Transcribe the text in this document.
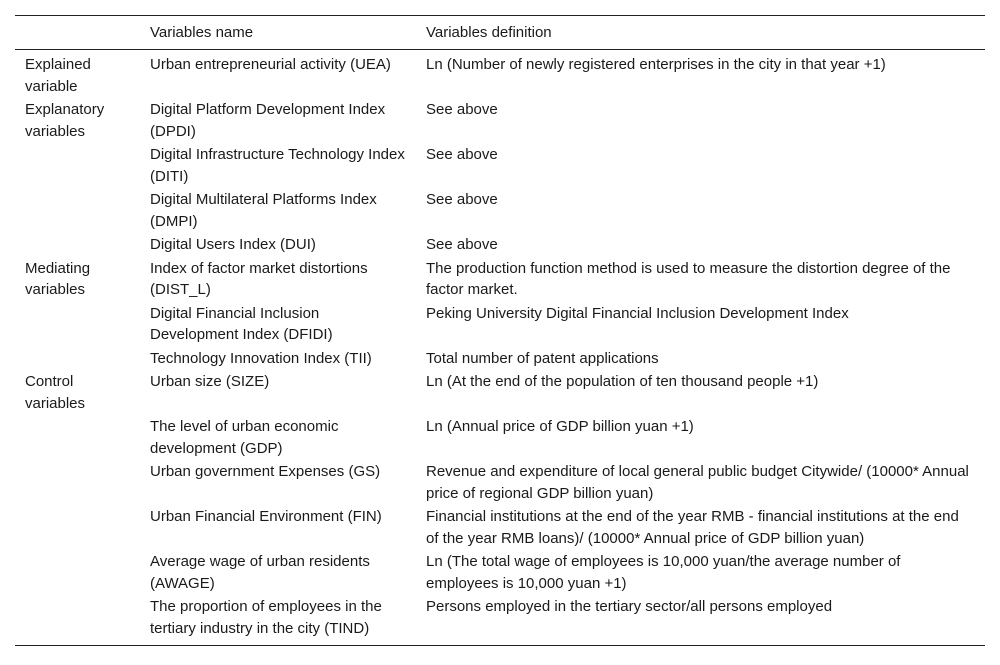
	Variables name	Variables definition
Explained variable	Urban entrepreneurial activity (UEA)	Ln (Number of newly registered enterprises in the city in that year +1)
Explanatory variables	Digital Platform Development Index (DPDI)	See above
	Digital Infrastructure Technology Index (DITI)	See above
	Digital Multilateral Platforms Index (DMPI)	See above
	Digital Users Index (DUI)	See above
Mediating variables	Index of factor market distortions (DIST_L)	The production function method is used to measure the distortion degree of the factor market.
	Digital Financial Inclusion Development Index (DFIDI)	Peking University Digital Financial Inclusion Development Index
	Technology Innovation Index (TII)	Total number of patent applications
Control variables	Urban size (SIZE)	Ln (At the end of the population of ten thousand people +1)
	The level of urban economic development (GDP)	Ln (Annual price of GDP billion yuan +1)
	Urban government Expenses (GS)	Revenue and expenditure of local general public budget Citywide/ (10000* Annual price of regional GDP billion yuan)
	Urban Financial Environment (FIN)	Financial institutions at the end of the year RMB - financial institutions at the end of the year RMB loans)/ (10000* Annual price of GDP billion yuan)
	Average wage of urban residents (AWAGE)	Ln (The total wage of employees is 10,000 yuan/the average number of employees is 10,000 yuan +1)
	The proportion of employees in the tertiary industry in the city (TIND)	Persons employed in the tertiary sector/all persons employed
